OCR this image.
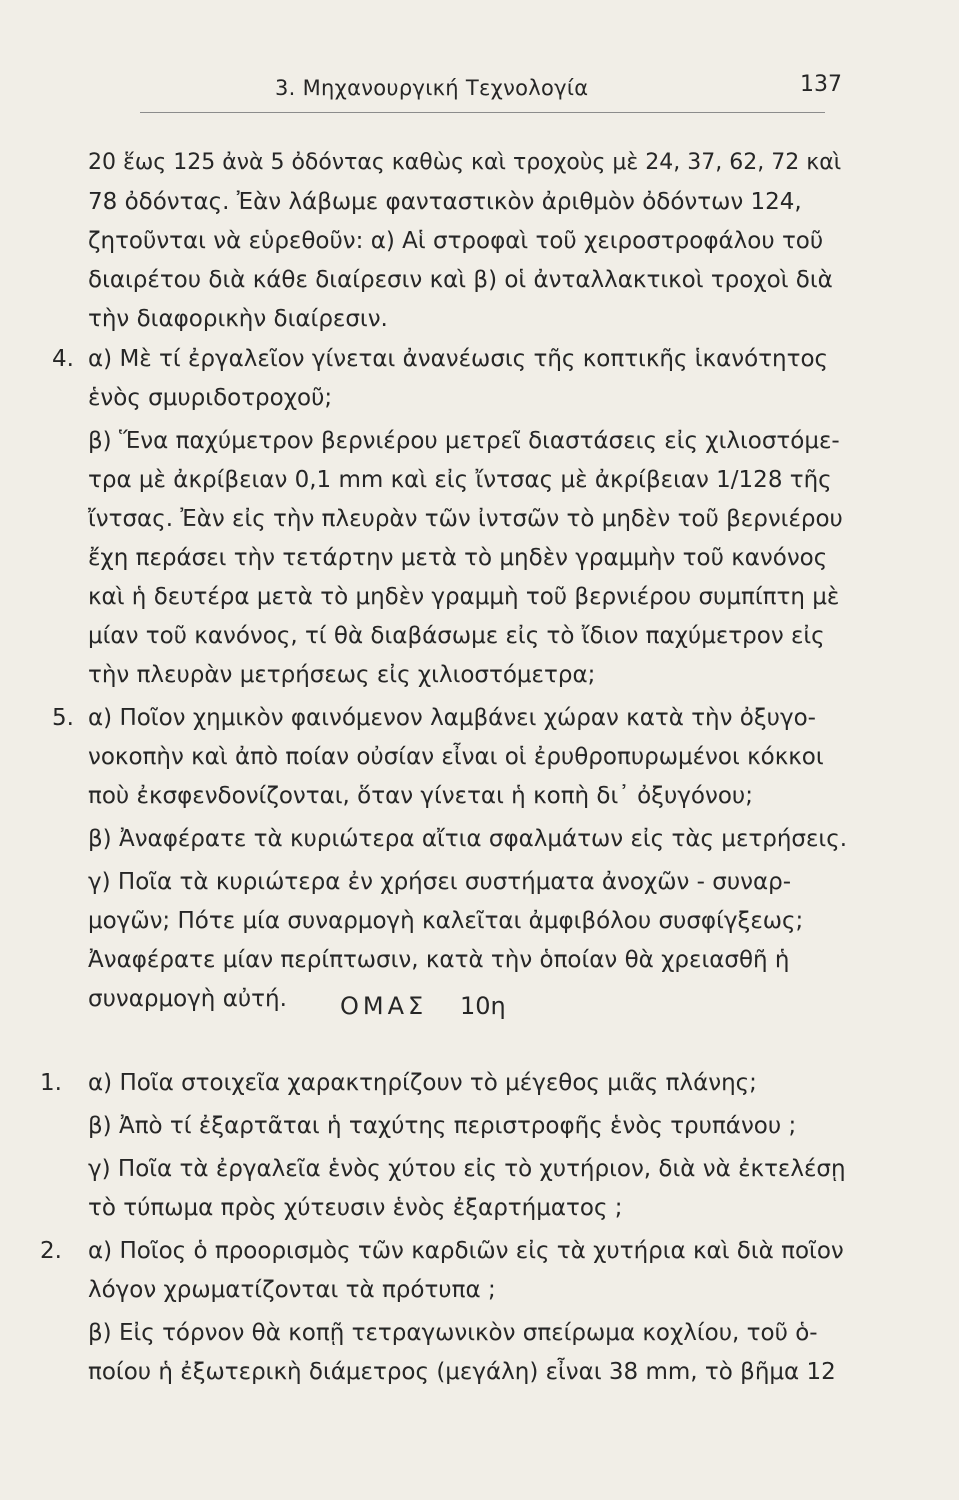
3. Μηχανουργική Τεχνολογία	137
20 ἕως 125 ἀνὰ 5 ὀδόντας καθὼς καὶ τροχοὺς μὲ 24, 37, 62, 72 καὶ
78 ὀδόντας. Ἐὰν λάβωμε φανταστικὸν ἀριθμὸν ὀδόντων 124,
ζητοῦνται νὰ εὑρεθοῦν: α) Αἱ στροφαὶ τοῦ χειροστροφάλου τοῦ
διαιρέτου διὰ κάθε διαίρεσιν καὶ β) οἱ ἀνταλλακτικοὶ τροχοὶ διὰ
τὴν διαφορικὴν διαίρεσιν.
4. α) Μὲ τί ἐργαλεῖον γίνεται ἀνανέωσις τῆς κοπτικῆς ἱκανότητος
ἑνὸς σμυριδοτροχοῦ;
β) Ἕνα παχύμετρον βερνιέρου μετρεῖ διαστάσεις εἰς χιλιοστόμε-
τρα μὲ ἀκρίβειαν 0,1 mm καὶ εἰς ἴντσας μὲ ἀκρίβειαν 1/128 τῆς
ἴντσας. Ἐὰν εἰς τὴν πλευρὰν τῶν ἰντσῶν τὸ μηδὲν τοῦ βερνιέρου
ἔχη περάσει τὴν τετάρτην μετὰ τὸ μηδὲν γραμμὴν τοῦ κανόνος
καὶ ἡ δευτέρα μετὰ τὸ μηδὲν γραμμὴ τοῦ βερνιέρου συμπίπτη μὲ
μίαν τοῦ κανόνος, τί θὰ διαβάσωμε εἰς τὸ ἴδιον παχύμετρον εἰς
τὴν πλευρὰν μετρήσεως εἰς χιλιοστόμετρα;
5. α) Ποῖον χημικὸν φαινόμενον λαμβάνει χώραν κατὰ τὴν ὀξυγο-
νοκοπὴν καὶ ἀπὸ ποίαν οὐσίαν εἶναι οἱ ἐρυθροπυρωμένοι κόκκοι
ποὺ ἐκσφενδονίζονται, ὅταν γίνεται ἡ κοπὴ δι᾿ ὀξυγόνου;
β) Ἀναφέρατε τὰ κυριώτερα αἴτια σφαλμάτων εἰς τὰς μετρήσεις.
γ) Ποῖα τὰ κυριώτερα ἐν χρήσει συστήματα ἀνοχῶν - συναρ-
μογῶν; Πότε μία συναρμογὴ καλεῖται ἀμφιβόλου συσφίγξεως;
Ἀναφέρατε μίαν περίπτωσιν, κατὰ τὴν ὁποίαν θὰ χρειασθῆ ἡ
συναρμογὴ αὐτή. ΟΜΑΣ 10η
1. α) Ποῖα στοιχεῖα χαρακτηρίζουν τὸ μέγεθος μιᾶς πλάνης;
β) Ἀπὸ τί ἐξαρτᾶται ἡ ταχύτης περιστροφῆς ἑνὸς τρυπάνου ;
γ) Ποῖα τὰ ἐργαλεῖα ἑνὸς χύτου εἰς τὸ χυτήριον, διὰ νὰ ἐκτελέσῃ
τὸ τύπωμα πρὸς χύτευσιν ἑνὸς ἐξαρτήματος ;
2. α) Ποῖος ὁ προορισμὸς τῶν καρδιῶν εἰς τὰ χυτήρια καὶ διὰ ποῖον
λόγον χρωματίζονται τὰ πρότυπα ;
β) Εἰς τόρνον θὰ κοπῇ τετραγωνικὸν σπείρωμα κοχλίου, τοῦ ὁ-
ποίου ἡ ἐξωτερικὴ διάμετρος (μεγάλη) εἶναι 38 mm, τὸ βῆμα 12
